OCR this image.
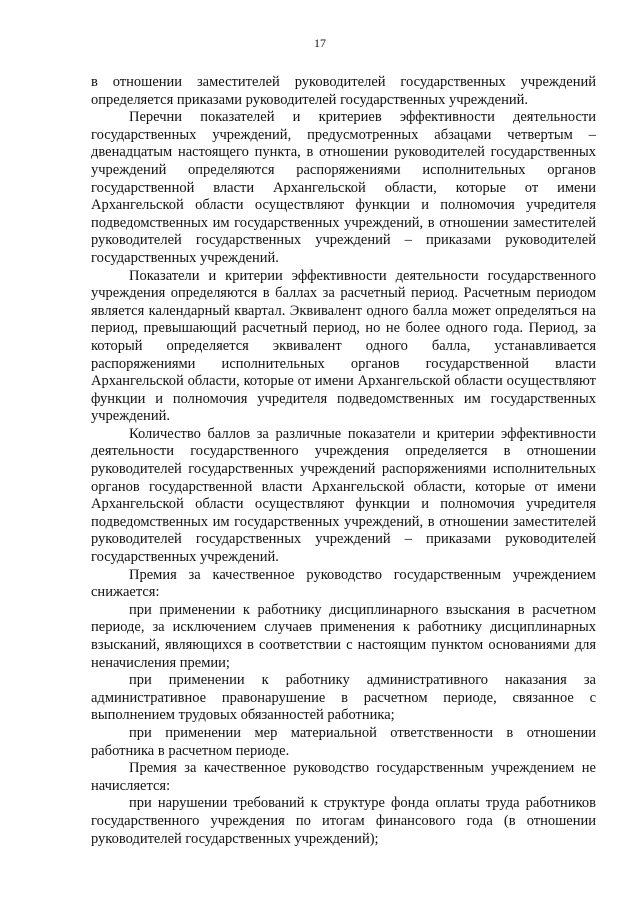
17

в отношении заместителей руководителей государственных учреждений определяется приказами руководителей государственных учреждений.

Перечни показателей и критериев эффективности деятельности государственных учреждений, предусмотренных абзацами четвертым – двенадцатым настоящего пункта, в отношении руководителей государственных учреждений определяются распоряжениями исполнительных органов государственной власти Архангельской области, которые от имени Архангельской области осуществляют функции и полномочия учредителя подведомственных им государственных учреждений, в отношении заместителей руководителей государственных учреждений – приказами руководителей государственных учреждений.

Показатели и критерии эффективности деятельности государственного учреждения определяются в баллах за расчетный период. Расчетным периодом является календарный квартал. Эквивалент одного балла может определяться на период, превышающий расчетный период, но не более одного года. Период, за который определяется эквивалент одного балла, устанавливается распоряжениями исполнительных органов государственной власти Архангельской области, которые от имени Архангельской области осуществляют функции и полномочия учредителя подведомственных им государственных учреждений.

Количество баллов за различные показатели и критерии эффективности деятельности государственного учреждения определяется в отношении руководителей государственных учреждений распоряжениями исполнительных органов государственной власти Архангельской области, которые от имени Архангельской области осуществляют функции и полномочия учредителя подведомственных им государственных учреждений, в отношении заместителей руководителей государственных учреждений – приказами руководителей государственных учреждений.

Премия за качественное руководство государственным учреждением снижается:

при применении к работнику дисциплинарного взыскания в расчетном периоде, за исключением случаев применения к работнику дисциплинарных взысканий, являющихся в соответствии с настоящим пунктом основаниями для неначисления премии;

при применении к работнику административного наказания за административное правонарушение в расчетном периоде, связанное с выполнением трудовых обязанностей работника;

при применении мер материальной ответственности в отношении работника в расчетном периоде.

Премия за качественное руководство государственным учреждением не начисляется:

при нарушении требований к структуре фонда оплаты труда работников государственного учреждения по итогам финансового года (в отношении руководителей государственных учреждений);
